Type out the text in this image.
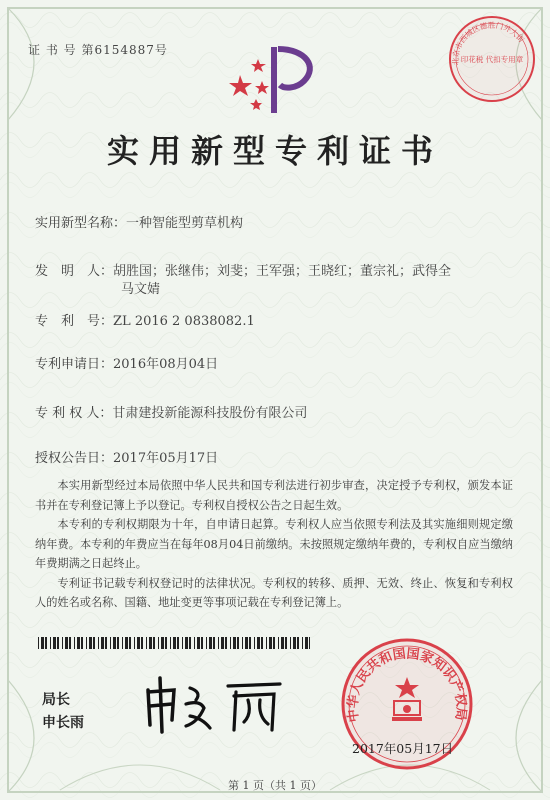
证 书 号 第6154887号
实用新型专利证书
实用新型名称：一种智能型剪草机构
发　明　人：胡胜国；张继伟；刘斐；王军强；王晓红；董宗礼；武得全
马文婧
专　利　号：ZL 2016 2 0838082.1
专利申请日：2016年08月04日
专 利 权 人：甘肃建投新能源科技股份有限公司
授权公告日：2017年05月17日

本实用新型经过本局依照中华人民共和国专利法进行初步审查，决定授予专利权，颁发本证书并在专利登记簿上予以登记。专利权自授权公告之日起生效。

本专利的专利权期限为十年，自申请日起算。专利权人应当依照专利法及其实施细则规定缴纳年费。本专利的年费应当在每年08月04日前缴纳。未按照规定缴纳年费的，专利权自应当缴纳年费期满之日起终止。

专利证书记载专利权登记时的法律状况。专利权的转移、质押、无效、终止、恢复和专利权人的姓名或名称、国籍、地址变更等事项记载在专利登记簿上。

局长
申长雨	中华人民共和国国家知识产权局
2017年05月17日
北京市西城区德胜门外大街
印花税 代扣专用章
第 1 页（共 1 页）
